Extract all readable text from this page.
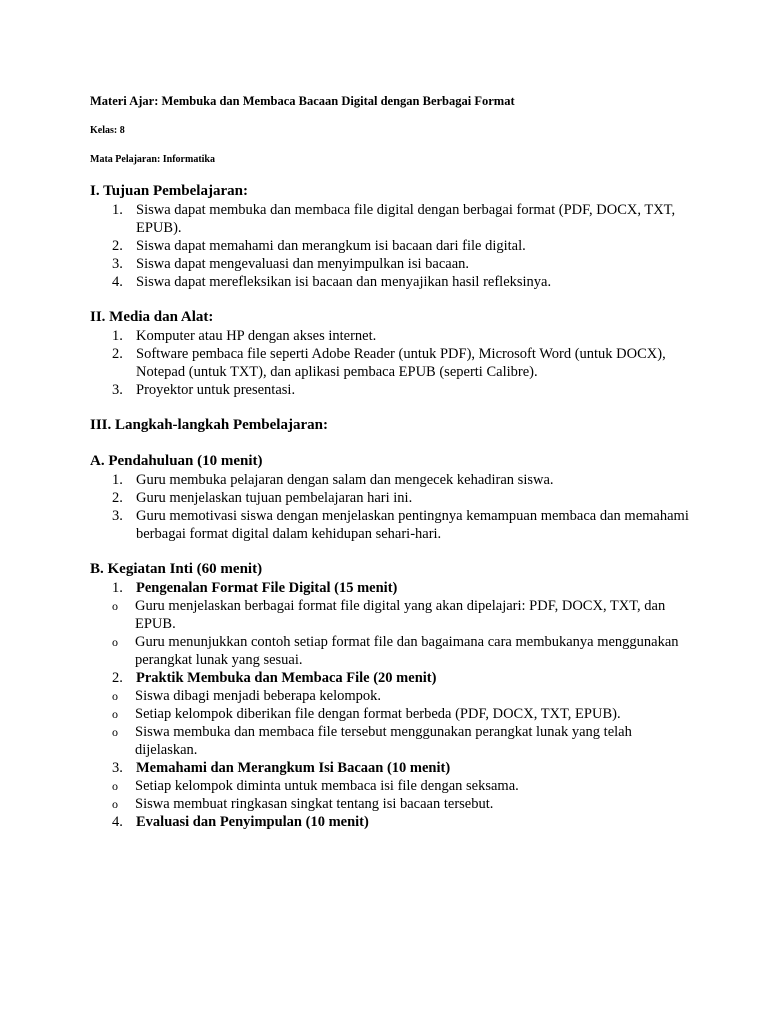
Materi Ajar: Membuka dan Membaca Bacaan Digital dengan Berbagai Format

Kelas: 8

Mata Pelajaran: Informatika

I. Tujuan Pembelajaran:
1. Siswa dapat membuka dan membaca file digital dengan berbagai format (PDF, DOCX, TXT, EPUB).
2. Siswa dapat memahami dan merangkum isi bacaan dari file digital.
3. Siswa dapat mengevaluasi dan menyimpulkan isi bacaan.
4. Siswa dapat merefleksikan isi bacaan dan menyajikan hasil refleksinya.
II. Media dan Alat:
1. Komputer atau HP dengan akses internet.
2. Software pembaca file seperti Adobe Reader (untuk PDF), Microsoft Word (untuk DOCX), Notepad (untuk TXT), dan aplikasi pembaca EPUB (seperti Calibre).
3. Proyektor untuk presentasi.
III. Langkah-langkah Pembelajaran:
A. Pendahuluan (10 menit)
1. Guru membuka pelajaran dengan salam dan mengecek kehadiran siswa.
2. Guru menjelaskan tujuan pembelajaran hari ini.
3. Guru memotivasi siswa dengan menjelaskan pentingnya kemampuan membaca dan memahami berbagai format digital dalam kehidupan sehari-hari.
B. Kegiatan Inti (60 menit)
1. Pengenalan Format File Digital (15 menit)
o Guru menjelaskan berbagai format file digital yang akan dipelajari: PDF, DOCX, TXT, dan EPUB.
o Guru menunjukkan contoh setiap format file dan bagaimana cara membukanya menggunakan perangkat lunak yang sesuai.
2. Praktik Membuka dan Membaca File (20 menit)
o Siswa dibagi menjadi beberapa kelompok.
o Setiap kelompok diberikan file dengan format berbeda (PDF, DOCX, TXT, EPUB).
o Siswa membuka dan membaca file tersebut menggunakan perangkat lunak yang telah dijelaskan.
3. Memahami dan Merangkum Isi Bacaan (10 menit)
o Setiap kelompok diminta untuk membaca isi file dengan seksama.
o Siswa membuat ringkasan singkat tentang isi bacaan tersebut.
4. Evaluasi dan Penyimpulan (10 menit)
